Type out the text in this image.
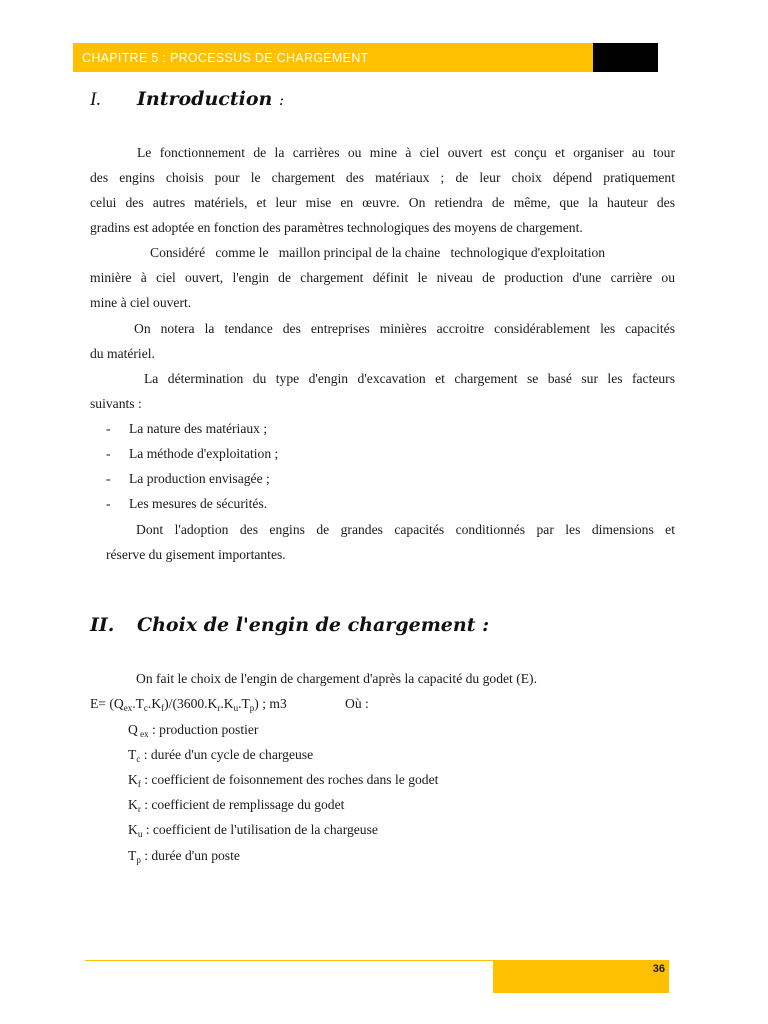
CHAPITRE 5 : PROCESSUS DE CHARGEMENT
I. Introduction :
Le fonctionnement de la carrières ou mine à ciel ouvert est conçu et organiser au tour
des engins choisis pour le chargement des matériaux ; de leur choix dépend pratiquement
celui des autres matériels, et leur mise en œuvre. On retiendra de même, que la hauteur des
gradins est adoptée en fonction des paramètres technologiques des moyens de chargement.
Considéré   comme le   maillon principal de la chaine   technologique d'exploitation
minière à ciel ouvert, l'engin de chargement définit le niveau de production d'une carrière ou
mine à ciel ouvert.
On notera la tendance des entreprises minières accroitre considérablement les capacités
du matériel.
La détermination du type d'engin d'excavation et chargement se basé sur les facteurs
suivants :
- La nature des matériaux ;
- La méthode d'exploitation ;
- La production envisagée ;
- Les mesures de sécurités.
Dont l'adoption des engins de grandes capacités conditionnés par les dimensions et
réserve du gisement importantes.
II. Choix de l'engin de chargement :
On fait le choix de l'engin de chargement d'après la capacité du godet (E).
$E= (Q_{ex}.T_c.K_f)/(3600.K_r.K_u.T_p)$ ; m3	Où :
Q $_{ex}$ : production postier
$T_c$ : durée d'un cycle de chargeuse
$K_f$ : coefficient de foisonnement des roches dans le godet
$K_r$ : coefficient de remplissage du godet
$K_u$ : coefficient de l'utilisation de la chargeuse
$T_p$ : durée d'un poste
36
